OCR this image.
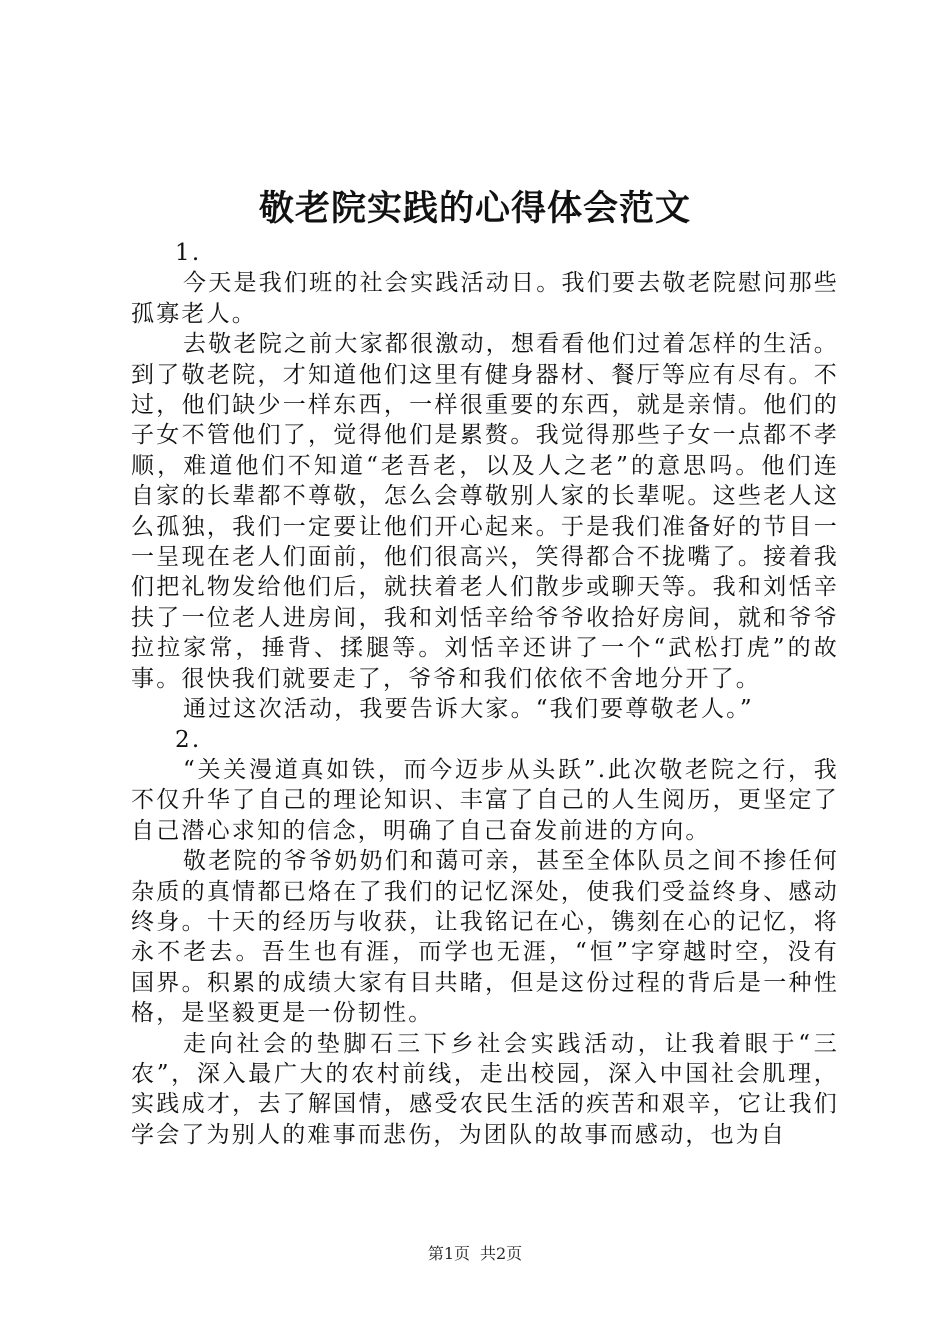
敬老院实践的心得体会范文

1.

今天是我们班的社会实践活动日。我们要去敬老院慰问那些孤寡老人。

去敬老院之前大家都很激动，想看看他们过着怎样的生活。到了敬老院，才知道他们这里有健身器材、餐厅等应有尽有。不过，他们缺少一样东西，一样很重要的东西，就是亲情。他们的子女不管他们了，觉得他们是累赘。我觉得那些子女一点都不孝顺，难道他们不知道“老吾老，以及人之老”的意思吗。他们连自家的长辈都不尊敬，怎么会尊敬别人家的长辈呢。这些老人这么孤独，我们一定要让他们开心起来。于是我们准备好的节目一一呈现在老人们面前，他们很高兴，笑得都合不拢嘴了。接着我们把礼物发给他们后，就扶着老人们散步或聊天等。我和刘恬辛扶了一位老人进房间，我和刘恬辛给爷爷收拾好房间，就和爷爷拉拉家常，捶背、揉腿等。刘恬辛还讲了一个“武松打虎”的故事。很快我们就要走了，爷爷和我们依依不舍地分开了。

通过这次活动，我要告诉大家。“我们要尊敬老人。”

2.

“关关漫道真如铁，而今迈步从头跃”.此次敬老院之行，我不仅升华了自己的理论知识、丰富了自己的人生阅历，更坚定了自己潜心求知的信念，明确了自己奋发前进的方向。

敬老院的爷爷奶奶们和蔼可亲，甚至全体队员之间不掺任何杂质的真情都已烙在了我们的记忆深处，使我们受益终身、感动终身。十天的经历与收获，让我铭记在心，镌刻在心的记忆，将永不老去。吾生也有涯，而学也无涯，“恒”字穿越时空，没有国界。积累的成绩大家有目共睹，但是这份过程的背后是一种性格，是坚毅更是一份韧性。

走向社会的垫脚石三下乡社会实践活动，让我着眼于“三农”，深入最广大的农村前线，走出校园，深入中国社会肌理，实践成才，去了解国情，感受农民生活的疾苦和艰辛，它让我们学会了为别人的难事而悲伤，为团队的故事而感动，也为自

第1页 共2页
